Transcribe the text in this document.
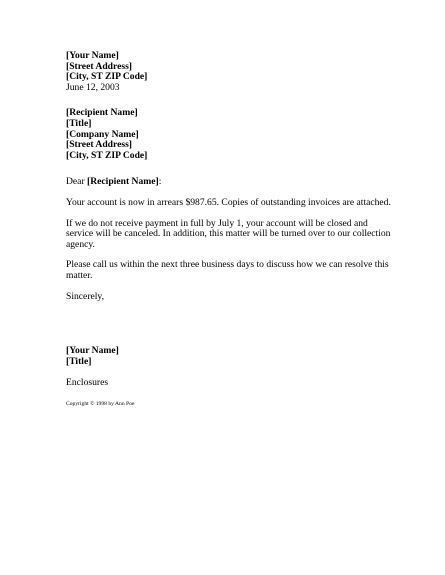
[Your Name]
[Street Address]
[City, ST ZIP Code]
June 12, 2003
[Recipient Name]
[Title]
[Company Name]
[Street Address]
[City, ST ZIP Code]
Dear [Recipient Name]:

Your account is now in arrears $987.65. Copies of outstanding invoices are attached.

If we do not receive payment in full by July 1, your account will be closed and service will be canceled. In addition, this matter will be turned over to our collection agency.

Please call us within the next three business days to discuss how we can resolve this matter.

Sincerely,
[Your Name]
[Title]
Enclosures
Copyright © 1998 by Ann Poe
